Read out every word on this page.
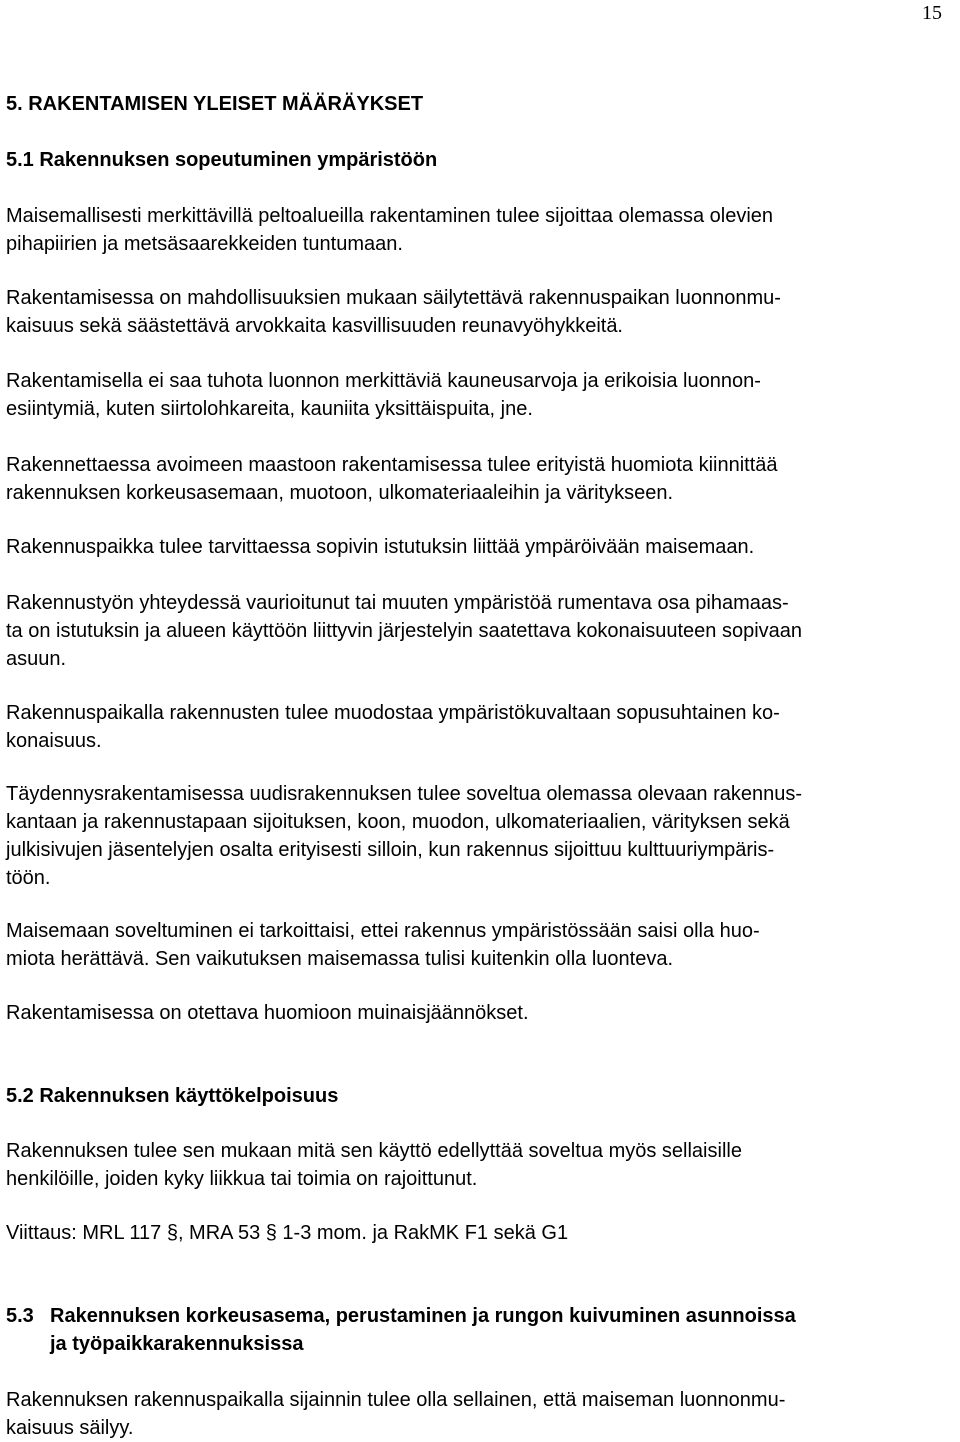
15
5. RAKENTAMISEN YLEISET MÄÄRÄYKSET
5.1 Rakennuksen sopeutuminen ympäristöön
Maisemallisesti merkittävillä peltoalueilla rakentaminen tulee sijoittaa olemassa olevien
pihapiirien ja metsäsaarekkeiden tuntumaan.
Rakentamisessa on mahdollisuuksien mukaan säilytettävä rakennuspaikan luonnonmu-
kaisuus sekä säästettävä arvokkaita kasvillisuuden reunavyöhykkeitä.
Rakentamisella ei saa tuhota luonnon merkittäviä kauneusarvoja ja erikoisia luonnon-
esiintymiä, kuten siirtolohkareita, kauniita yksittäispuita, jne.
Rakennettaessa avoimeen maastoon rakentamisessa tulee erityistä huomiota kiinnittää
rakennuksen korkeusasemaan, muotoon, ulkomateriaaleihin ja väritykseen.
Rakennuspaikka tulee tarvittaessa sopivin istutuksin liittää ympäröivään maisemaan.
Rakennustyön yhteydessä vaurioitunut tai muuten ympäristöä rumentava osa pihamaas-
ta on istutuksin ja alueen käyttöön liittyvin järjestelyin saatettava kokonaisuuteen sopivaan
asuun.
Rakennuspaikalla rakennusten tulee muodostaa ympäristökuvaltaan sopusuhtainen ko-
konaisuus.
Täydennysrakentamisessa uudisrakennuksen tulee soveltua olemassa olevaan rakennus-
kantaan ja rakennustapaan sijoituksen, koon, muodon, ulkomateriaalien, värityksen sekä
julkisivujen jäsentelyjen osalta erityisesti silloin, kun rakennus sijoittuu kulttuuriympäris-
töön.
Maisemaan soveltuminen ei tarkoittaisi, ettei rakennus ympäristössään saisi olla huo-
miota herättävä. Sen vaikutuksen maisemassa tulisi kuitenkin olla luonteva.
Rakentamisessa on otettava huomioon muinaisjäännökset.
5.2 Rakennuksen käyttökelpoisuus
Rakennuksen tulee sen mukaan mitä sen käyttö edellyttää soveltua myös sellaisille
henkilöille, joiden kyky liikkua tai toimia on rajoittunut.
Viittaus: MRL 117 §, MRA 53 § 1-3 mom. ja RakMK F1 sekä G1
5.3 Rakennuksen korkeusasema, perustaminen ja rungon kuivuminen asunnoissa
ja työpaikkarakennuksissa
Rakennuksen rakennuspaikalla sijainnin tulee olla sellainen, että maiseman luonnonmu-
kaisuus säilyy.
